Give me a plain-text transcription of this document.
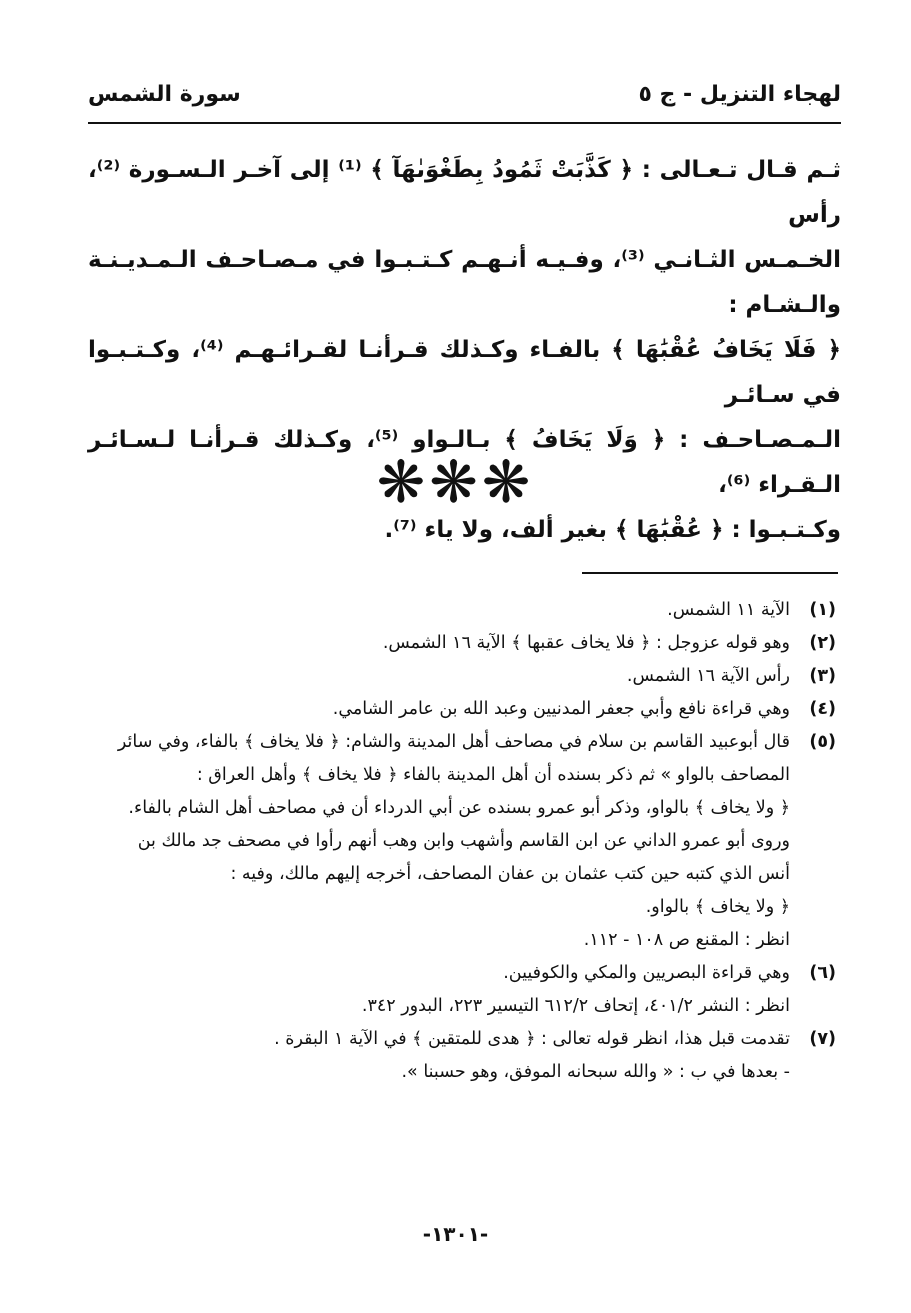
لهجاء التنزيل - ج ٥
سورة الشمس

ثـم قـال تـعـالى : ﴿ كَذَّبَتْ ثَمُودُ بِطَغْوَىٰهَآ ﴾ ⁽¹⁾ إلى آخـر الـسـورة ⁽²⁾، رأس

الخـمـس الثـانـي ⁽³⁾، وفـيـه أنـهـم كـتـبـوا في مـصـاحـف الـمـديـنـة والـشـام :

﴿ فَلَا يَخَافُ عُقْبَٰهَا ﴾ بالفـاء وكـذلك قـرأنـا لقـرائـهـم ⁽⁴⁾، وكـتـبـوا في سـائـر

الـمـصـاحـف : ﴿ وَلَا يَخَافُ ﴾ بـالـواو ⁽⁵⁾، وكـذلك قـرأنـا لـسـائـر الـقـراء ⁽⁶⁾،

وكـتـبـوا : ﴿ عُقْبَٰهَا ﴾ بغير ألف، ولا ياء ⁽⁷⁾.

❋❋❋
(١)
الآية ١١ الشمس.
(٢)
وهو قوله عزوجل : ﴿ فلا يخاف عقبها ﴾ الآية ١٦ الشمس.
(٣)
رأس الآية ١٦ الشمس.
(٤)
وهي قراءة نافع وأبي جعفر المدنيين وعبد الله بن عامر الشامي.
(٥)
قال أبوعبيد القاسم بن سلام في مصاحف أهل المدينة والشام: ﴿ فلا يخاف ﴾ بالفاء، وفي سائر
المصاحف بالواو » ثم ذكر بسنده أن أهل المدينة بالفاء ﴿ فلا يخاف ﴾ وأهل العراق :
﴿ ولا يخاف ﴾ بالواو، وذكر أبو عمرو بسنده عن أبي الدرداء أن في مصاحف أهل الشام بالفاء.
وروى أبو عمرو الداني عن ابن القاسم وأشهب وابن وهب أنهم رأوا في مصحف جد مالك بن
أنس الذي كتبه حين كتب عثمان بن عفان المصاحف، أخرجه إليهم مالك، وفيه :
﴿ ولا يخاف ﴾ بالواو.
انظر : المقنع ص ١٠٨ - ١١٢.
(٦)
وهي قراءة البصريين والمكي والكوفيين.
انظر : النشر ٤٠١/٢، إتحاف ٦١٢/٢ التيسير ٢٢٣، البدور ٣٤٢.
(٧)
تقدمت قبل هذا، انظر قوله تعالى : ﴿ هدى للمتقين ﴾ في الآية ١ البقرة .
- بعدها في ب : « والله سبحانه الموفق، وهو حسبنا ».
-١٣٠١-
